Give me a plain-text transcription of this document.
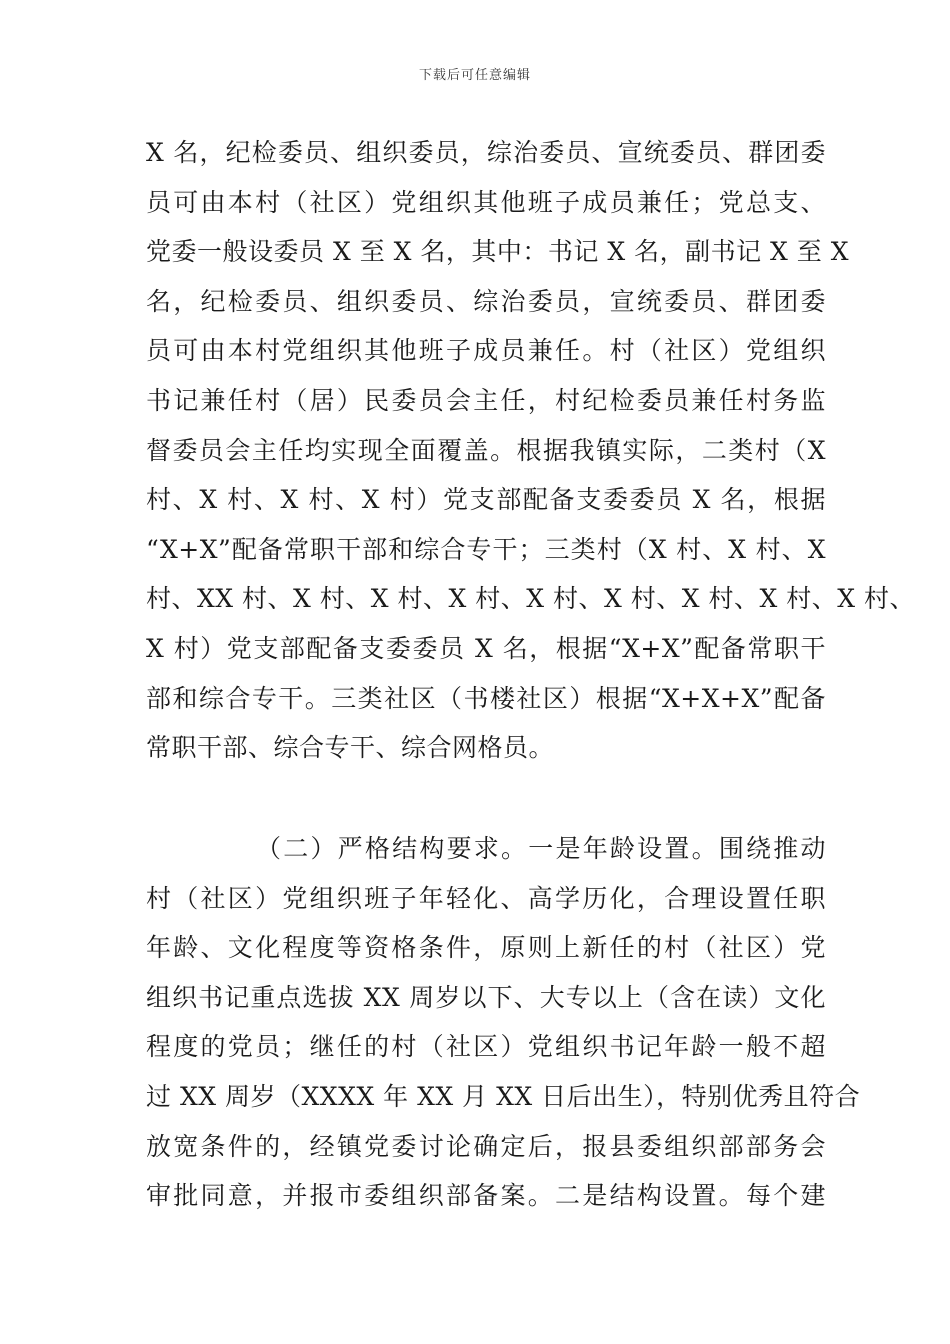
下载后可任意编辑
X 名，纪检委员、组织委员，综治委员、宣统委员、群团委
员可由本村（社区）党组织其他班子成员兼任；党总支、
党委一般设委员 X 至 X 名，其中：书记 X 名，副书记 X 至 X
名，纪检委员、组织委员、综治委员，宣统委员、群团委
员可由本村党组织其他班子成员兼任。村（社区）党组织
书记兼任村（居）民委员会主任，村纪检委员兼任村务监
督委员会主任均实现全面覆盖。根据我镇实际，二类村（X
村、X 村、X 村、X 村）党支部配备支委委员 X 名，根据
“X+X”配备常职干部和综合专干；三类村（X 村、X 村、X
村、XX 村、X 村、X 村、X 村、X 村、X 村、X 村、X 村、X 村、
X 村）党支部配备支委委员 X 名，根据“X+X”配备常职干
部和综合专干。三类社区（书楼社区）根据“X+X+X”配备
常职干部、综合专干、综合网格员。
（二）严格结构要求。一是年龄设置。围绕推动
村（社区）党组织班子年轻化、高学历化，合理设置任职
年龄、文化程度等资格条件，原则上新任的村（社区）党
组织书记重点选拔 XX 周岁以下、大专以上（含在读）文化
程度的党员；继任的村（社区）党组织书记年龄一般不超
过 XX 周岁（XXXX 年 XX 月 XX 日后出生），特别优秀且符合
放宽条件的，经镇党委讨论确定后，报县委组织部部务会
审批同意，并报市委组织部备案。二是结构设置。每个建
